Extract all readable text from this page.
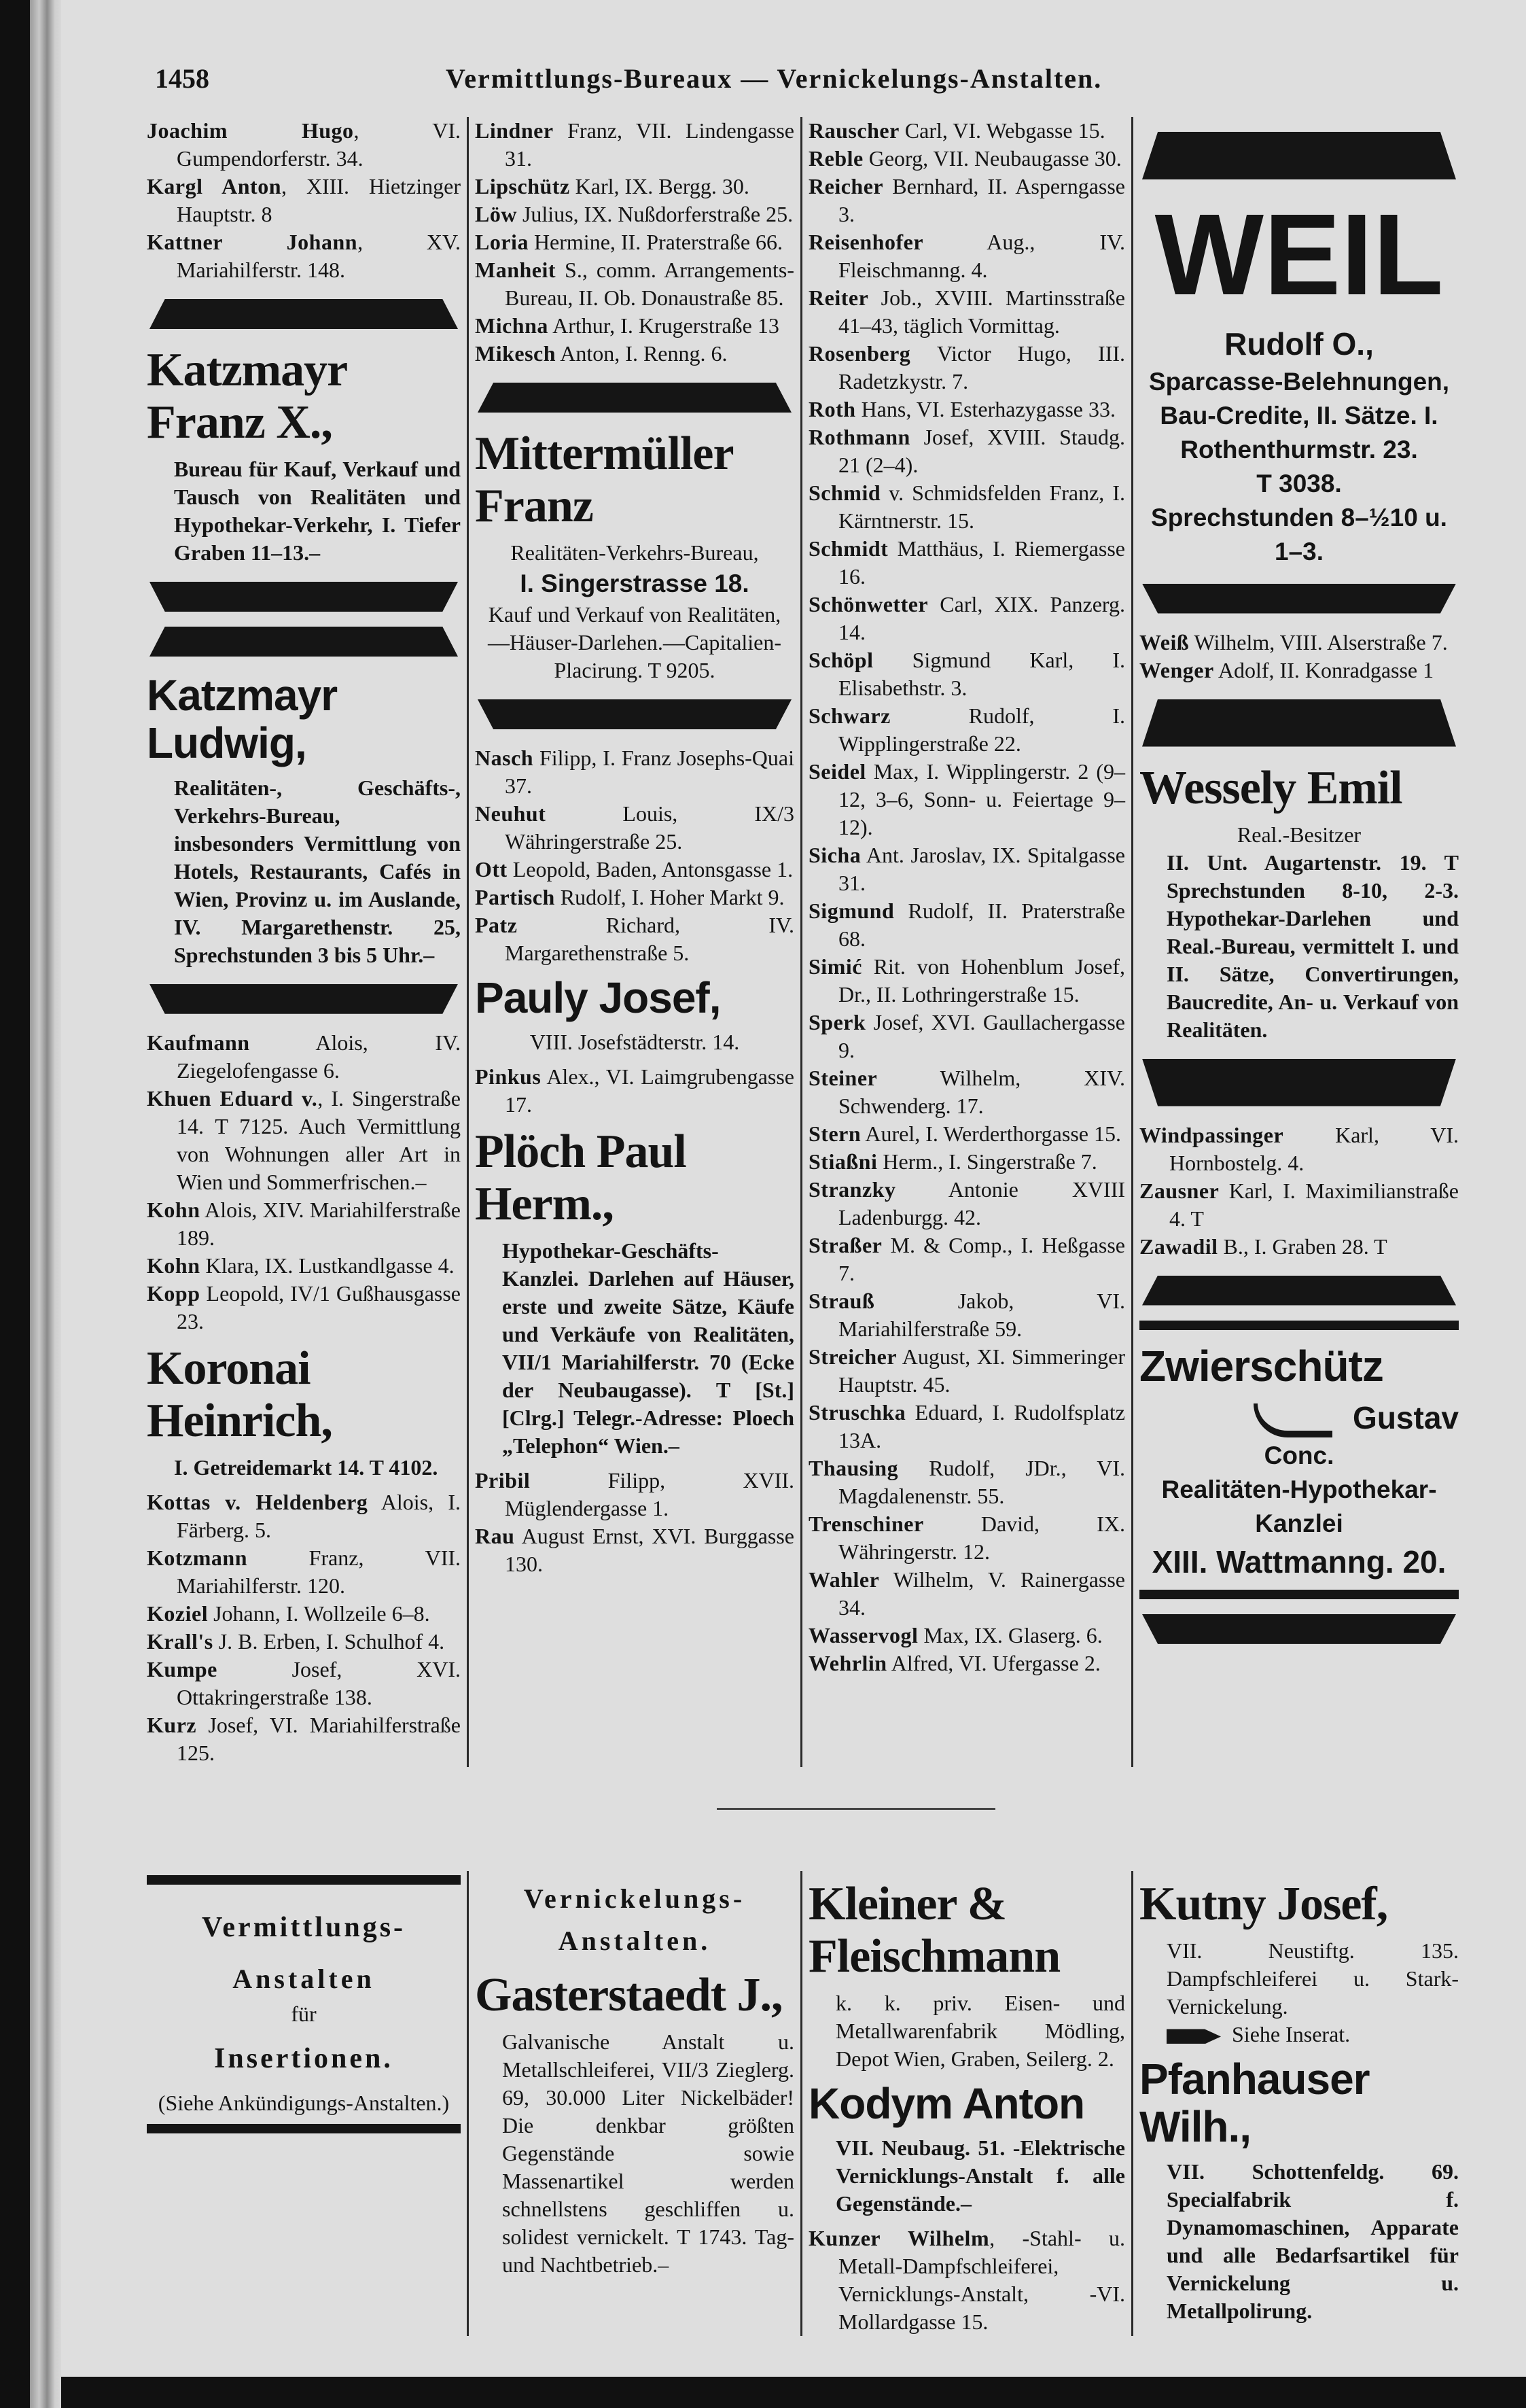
1458	Vermittlungs-Bureaux — Vernickelungs-Anstalten.
Joachim Hugo, VI. Gumpendorferstr. 34.
Kargl Anton, XIII. Hietzinger Hauptstr. 8
Kattner Johann, XV. Mariahilferstr. 148.
Katzmayr Franz X.,
Bureau für Kauf, Verkauf und Tausch von Realitäten und Hypothekar-Verkehr, I. Tiefer Graben 11–13.–
Katzmayr Ludwig,
Realitäten-, Geschäfts-, Verkehrs-Bureau, insbesonders Vermittlung von Hotels, Restaurants, Cafés in Wien, Provinz u. im Auslande, IV. Margarethenstr. 25, Sprechstunden 3 bis 5 Uhr.–
Kaufmann Alois, IV. Ziegelofengasse 6.
Khuen Eduard v., I. Singerstraße 14. T 7125. Auch Vermittlung von Wohnungen aller Art in Wien und Sommerfrischen.–
Kohn Alois, XIV. Mariahilferstraße 189.
Kohn Klara, IX. Lustkandlgasse 4.
Kopp Leopold, IV/1 Gußhausgasse 23.
Koronai Heinrich,
I. Getreidemarkt 14. T 4102.
Kottas v. Heldenberg Alois, I. Färberg. 5.
Kotzmann Franz, VII. Mariahilferstr. 120.
Koziel Johann, I. Wollzeile 6–8.
Krall's J. B. Erben, I. Schulhof 4.
Kumpe Josef, XVI. Ottakringerstraße 138.
Kurz Josef, VI. Mariahilferstraße 125.
Lindner Franz, VII. Lindengasse 31.
Lipschütz Karl, IX. Bergg. 30.
Löw Julius, IX. Nußdorferstraße 25.
Loria Hermine, II. Praterstraße 66.
Manheit S., comm. Arrangements-Bureau, II. Ob. Donaustraße 85.
Michna Arthur, I. Krugerstraße 13
Mikesch Anton, I. Renng. 6.
Mittermüller Franz
Realitäten-Verkehrs-Bureau,
I. Singerstrasse 18.
Kauf und Verkauf von Realitäten, —Häuser-Darlehen.—Capitalien-Placirung. T 9205.
Nasch Filipp, I. Franz Josephs-Quai 37.
Neuhut Louis, IX/3 Währingerstraße 25.
Ott Leopold, Baden, Antonsgasse 1.
Partisch Rudolf, I. Hoher Markt 9.
Patz Richard, IV. Margarethenstraße 5.
Pauly Josef,
VIII. Josefstädterstr. 14.
Pinkus Alex., VI. Laimgrubengasse 17.
Plöch Paul Herm.,
Hypothekar-Geschäfts-Kanzlei. Darlehen auf Häuser, erste und zweite Sätze, Käufe und Verkäufe von Realitäten, VII/1 Mariahilferstr. 70 (Ecke der Neubaugasse). T [St.] [Clrg.] Telegr.-Adresse: Ploech „Telephon“ Wien.–
Pribil Filipp, XVII. Müglendergasse 1.
Rau August Ernst, XVI. Burggasse 130.
Rauscher Carl, VI. Webgasse 15.
Reble Georg, VII. Neubaugasse 30.
Reicher Bernhard, II. Asperngasse 3.
Reisenhofer Aug., IV. Fleischmanng. 4.
Reiter Job., XVIII. Martinsstraße 41–43, täglich Vormittag.
Rosenberg Victor Hugo, III. Radetzkystr. 7.
Roth Hans, VI. Esterhazygasse 33.
Rothmann Josef, XVIII. Staudg. 21 (2–4).
Schmid v. Schmidsfelden Franz, I. Kärntnerstr. 15.
Schmidt Matthäus, I. Riemergasse 16.
Schönwetter Carl, XIX. Panzerg. 14.
Schöpl Sigmund Karl, I. Elisabethstr. 3.
Schwarz Rudolf, I. Wipplingerstraße 22.
Seidel Max, I. Wipplingerstr. 2 (9–12, 3–6, Sonn- u. Feiertage 9–12).
Sicha Ant. Jaroslav, IX. Spitalgasse 31.
Sigmund Rudolf, II. Praterstraße 68.
Simić Rit. von Hohenblum Josef, Dr., II. Lothringerstraße 15.
Sperk Josef, XVI. Gaullachergasse 9.
Steiner Wilhelm, XIV. Schwenderg. 17.
Stern Aurel, I. Werderthorgasse 15.
Stiaßni Herm., I. Singerstraße 7.
Stranzky Antonie XVIII Ladenburgg. 42.
Straßer M. & Comp., I. Heßgasse 7.
Strauß Jakob, VI. Mariahilferstraße 59.
Streicher August, XI. Simmeringer Hauptstr. 45.
Struschka Eduard, I. Rudolfsplatz 13A.
Thausing Rudolf, JDr., VI. Magdalenenstr. 55.
Trenschiner David, IX. Währingerstr. 12.
Wahler Wilhelm, V. Rainergasse 34.
Wasservogl Max, IX. Glaserg. 6.
Wehrlin Alfred, VI. Ufergasse 2.
WEIL
Rudolf O.,
Sparcasse-Belehnungen, Bau-Credite, II. Sätze. I. Rothenthurmstr. 23.
T 3038.
Sprechstunden 8–½10 u. 1–3.
Weiß Wilhelm, VIII. Alserstraße 7.
Wenger Adolf, II. Konradgasse 1
Wessely Emil
Real.-Besitzer
II. Unt. Augartenstr. 19. T Sprechstunden 8-10, 2-3. Hypothekar-Darlehen und Real.-Bureau, vermittelt I. und II. Sätze, Convertirungen, Baucredite, An- u. Verkauf von Realitäten.
Windpassinger Karl, VI. Hornbostelg. 4.
Zausner Karl, I. Maximilianstraße 4. T
Zawadil B., I. Graben 28. T
Zwierschütz
Gustav
Conc.
Realitäten-Hypothekar-Kanzlei
XIII. Wattmanng. 20.
Vermittlungs-
Anstalten
für
Insertionen.
(Siehe Ankündigungs-Anstalten.)
Vernickelungs-
Anstalten.
Gasterstaedt J.,
Galvanische Anstalt u. Metallschleiferei, VII/3 Zieglerg. 69, 30.000 Liter Nickelbäder! Die denkbar größten Gegenstände sowie Massenartikel werden schnellstens geschliffen u. solidest vernickelt. T 1743. Tag- und Nachtbetrieb.–
Kleiner & Fleischmann
k. k. priv. Eisen- und Metallwarenfabrik Mödling, Depot Wien, Graben, Seilerg. 2.
Kodym Anton
VII. Neubaug. 51. -Elektrische Vernicklungs-Anstalt f. alle Gegenstände.–
Kunzer Wilhelm, -Stahl- u. Metall-Dampfschleiferei, Vernicklungs-Anstalt, -VI. Mollardgasse 15.
Kutny Josef,
VII. Neustiftg. 135. Dampfschleiferei u. Stark-Vernickelung.
Siehe Inserat.
Pfanhauser Wilh.,
VII. Schottenfeldg. 69. Specialfabrik f. Dynamomaschinen, Apparate und alle Bedarfsartikel für Vernickelung u. Metallpolirung.
